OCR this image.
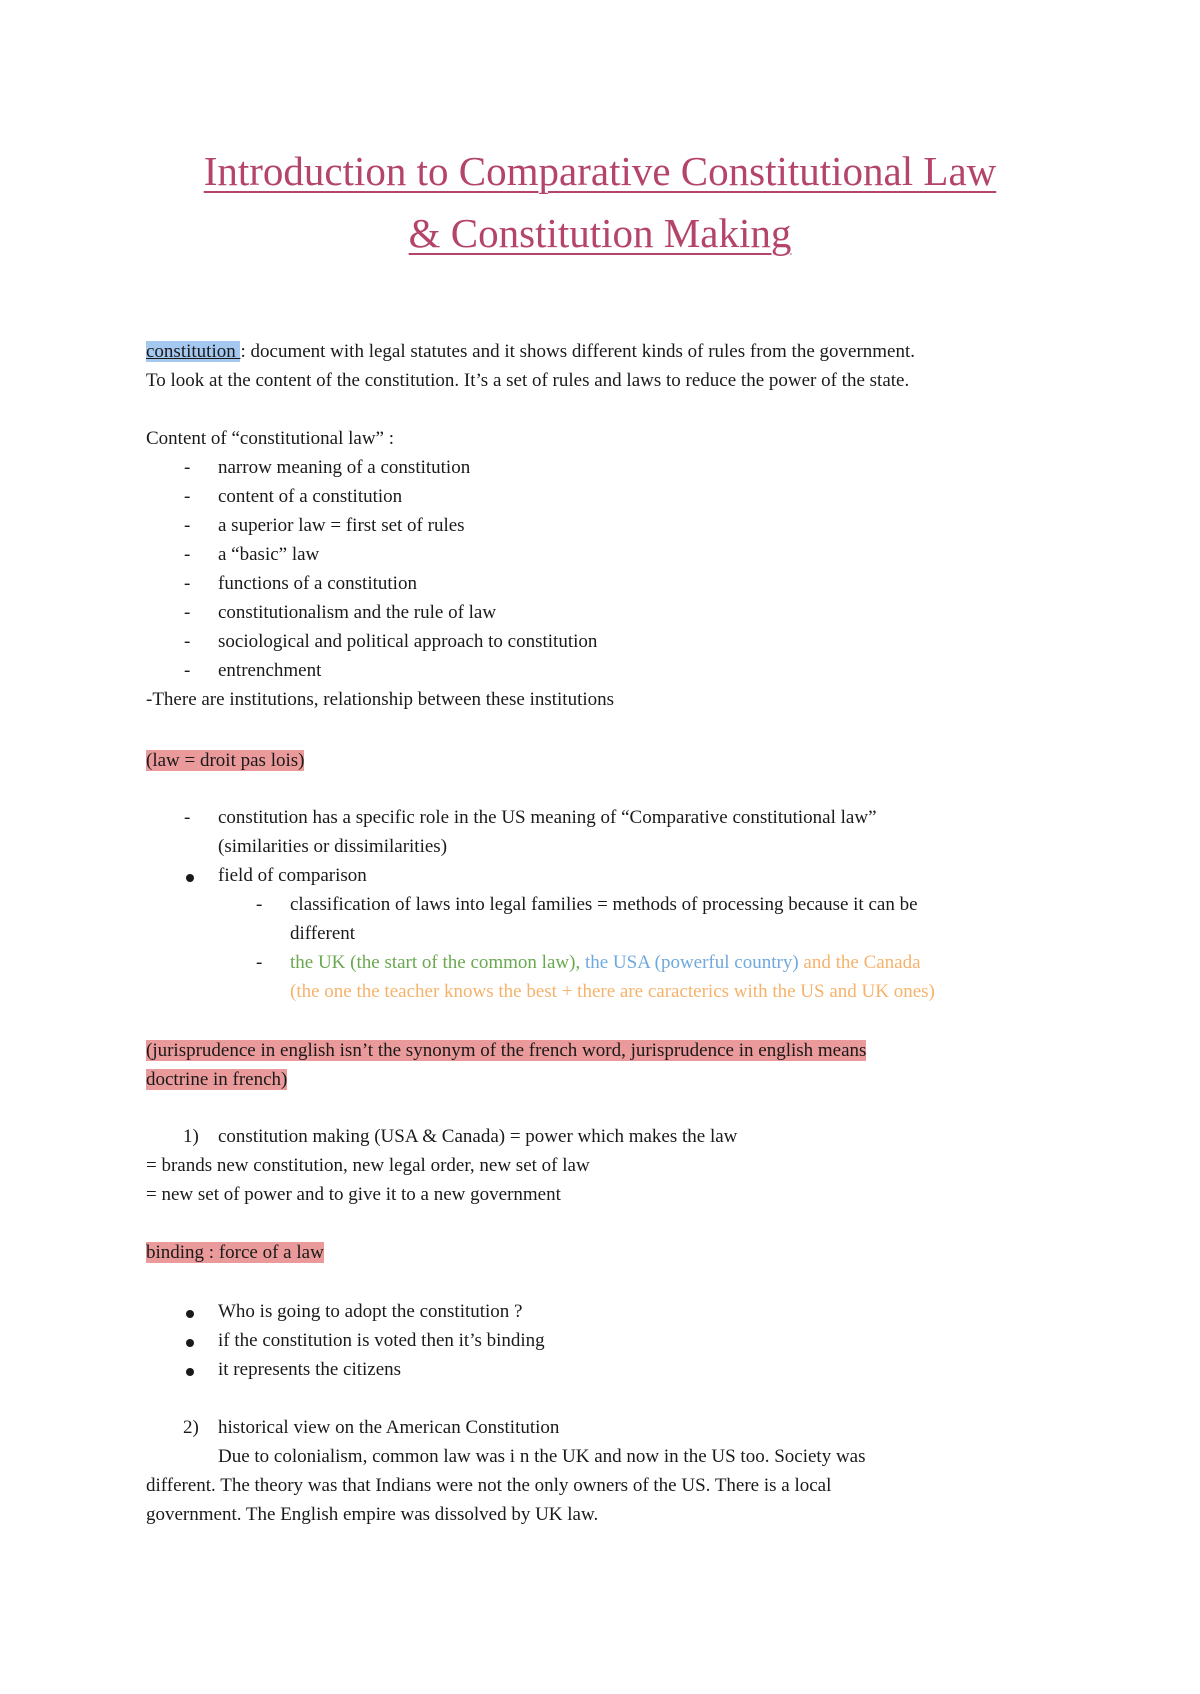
Introduction to Comparative Constitutional Law
& Constitution Making
constitution : document with legal statutes and it shows different kinds of rules from the government.
To look at the content of the constitution. It’s a set of rules and laws to reduce the power of the state.
Content of “constitutional law” :
- narrow meaning of a constitution
- content of a constitution
- a superior law = first set of rules
- a “basic” law
- functions of a constitution
- constitutionalism and the rule of law
- sociological and political approach to constitution
- entrenchment
-There are institutions, relationship between these institutions
(law = droit pas lois)
- constitution has a specific role in the US meaning of “Comparative constitutional law”
(similarities or dissimilarities)
field of comparison
- classification of laws into legal families = methods of processing because it can be
different
- the UK (the start of the common law), the USA (powerful country) and the Canada
(the one the teacher knows the best + there are caracterics with the US and UK ones)
(jurisprudence in english isn’t the synonym of the french word, jurisprudence in english means
doctrine in french)
1) constitution making (USA & Canada) = power which makes the law
= brands new constitution, new legal order, new set of law
= new set of power and to give it to a new government
binding : force of a law
Who is going to adopt the constitution ?
if the constitution is voted then it’s binding
it represents the citizens
2) historical view on the American Constitution
Due to colonialism, common law was i n the UK and now in the US too. Society was
different. The theory was that Indians were not the only owners of the US. There is a local
government. The English empire was dissolved by UK law.
